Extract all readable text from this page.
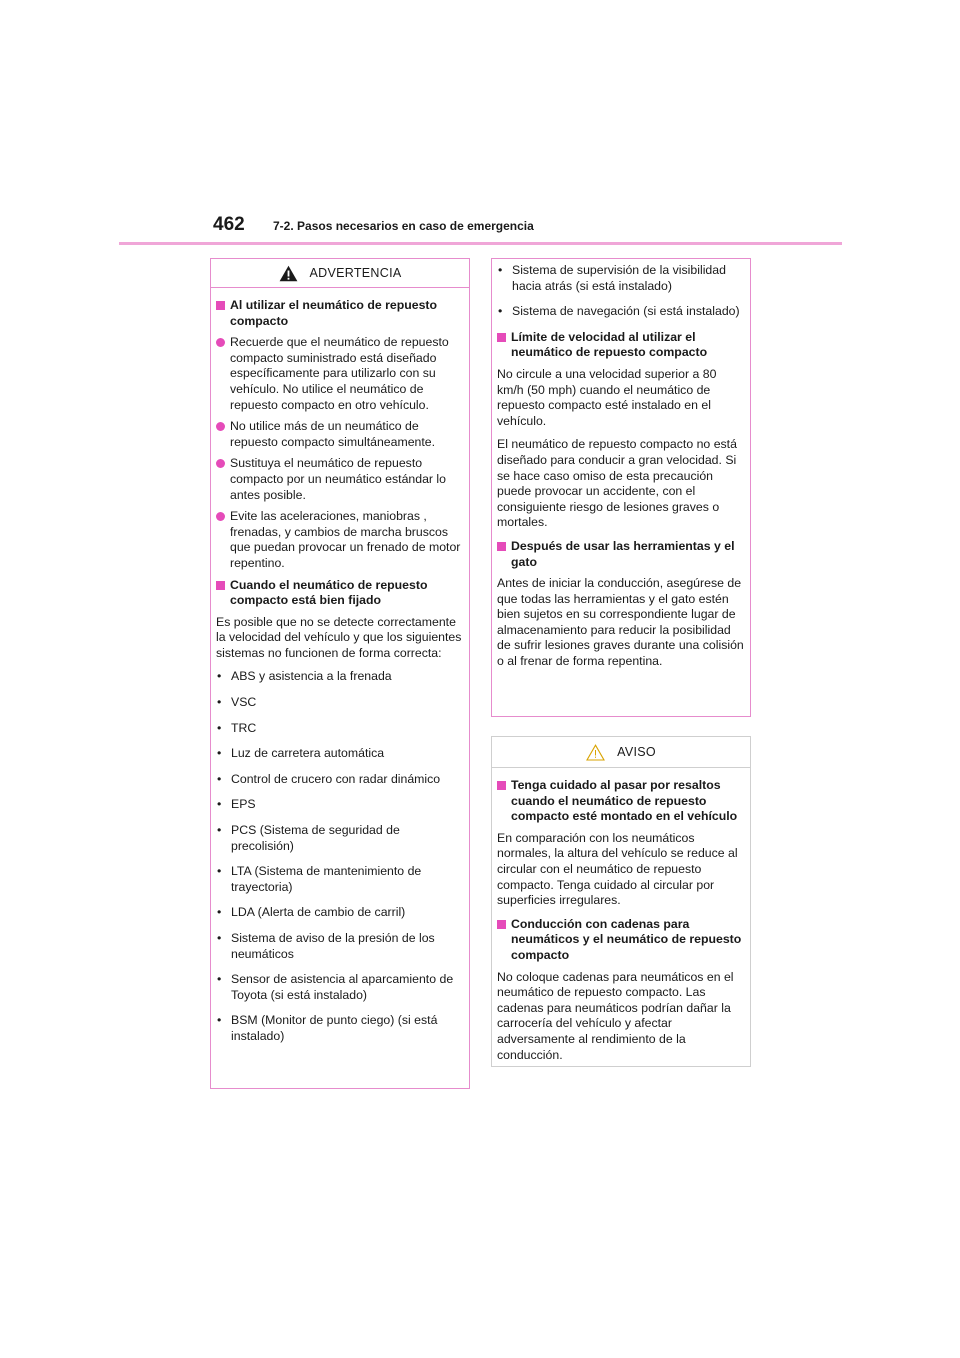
462 7-2. Pasos necesarios en caso de emergencia
ADVERTENCIA
Al utilizar el neumático de repuesto compacto
Recuerde que el neumático de repuesto compacto suministrado está diseñado específicamente para utilizarlo con su vehículo. No utilice el neumático de repuesto compacto en otro vehículo.
No utilice más de un neumático de repuesto compacto simultáneamente.
Sustituya el neumático de repuesto compacto por un neumático estándar lo antes posible.
Evite las aceleraciones, maniobras , frenadas, y cambios de marcha bruscos que puedan provocar un frenado de motor repentino.
Cuando el neumático de repuesto compacto está bien fijado

Es posible que no se detecte correctamente la velocidad del vehículo y que los siguientes sistemas no funcionen de forma correcta:

• ABS y asistencia a la frenada
• VSC
• TRC
• Luz de carretera automática
• Control de crucero con radar dinámico
• EPS
• PCS (Sistema de seguridad de precolisión)
• LTA (Sistema de mantenimiento de trayectoria)
• LDA (Alerta de cambio de carril)
• Sistema de aviso de la presión de los neumáticos
• Sensor de asistencia al aparcamiento de Toyota (si está instalado)
• BSM (Monitor de punto ciego) (si está instalado)
• Sistema de supervisión de la visibilidad hacia atrás (si está instalado)
• Sistema de navegación (si está instalado)
Límite de velocidad al utilizar el neumático de repuesto compacto

No circule a una velocidad superior a 80 km/h (50 mph) cuando el neumático de repuesto compacto esté instalado en el vehículo.

El neumático de repuesto compacto no está diseñado para conducir a gran velocidad. Si se hace caso omiso de esta precaución puede provocar un accidente, con el consiguiente riesgo de lesiones graves o mortales.

Después de usar las herramientas y el gato

Antes de iniciar la conducción, asegúrese de que todas las herramientas y el gato estén bien sujetos en su correspondiente lugar de almacenamiento para reducir la posibilidad de sufrir lesiones graves durante una colisión o al frenar de forma repentina.

AVISO
Tenga cuidado al pasar por resaltos cuando el neumático de repuesto compacto esté montado en el vehículo

En comparación con los neumáticos normales, la altura del vehículo se reduce al circular con el neumático de repuesto compacto. Tenga cuidado al circular por superficies irregulares.

Conducción con cadenas para neumáticos y el neumático de repuesto compacto

No coloque cadenas para neumáticos en el neumático de repuesto compacto. Las cadenas para neumáticos podrían dañar la carrocería del vehículo y afectar adversamente al rendimiento de la conducción.
